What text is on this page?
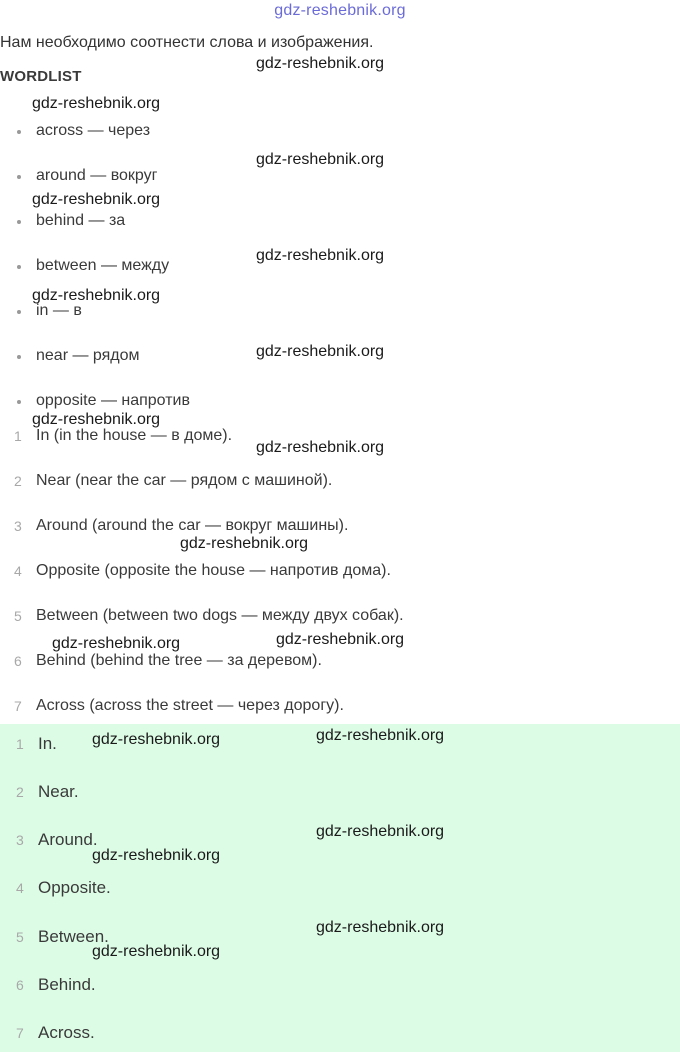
gdz-reshebnik.org
Нам необходимо соотнести слова и изображения.
WORDLIST
across — через
around — вокруг
behind — за
between — между
in — в
near — рядом
opposite — напротив
1 In (in the house — в доме).
2 Near (near the car — рядом с машиной).
3 Around (around the car — вокруг машины).
4 Opposite (opposite the house — напротив дома).
5 Between (between two dogs — между двух собак).
6 Behind (behind the tree — за деревом).
7 Across (across the street — через дорогу).
1 In.
2 Near.
3 Around.
4 Opposite.
5 Between.
6 Behind.
7 Across.
gdz-reshebnik.org
gdz-reshebnik.org
gdz-reshebnik.org
gdz-reshebnik.org
gdz-reshebnik.org
gdz-reshebnik.org
gdz-reshebnik.org
gdz-reshebnik.org
gdz-reshebnik.org
gdz-reshebnik.org
gdz-reshebnik.org	gdz-reshebnik.org
gdz-reshebnik.org	gdz-reshebnik.org
gdz-reshebnik.org
gdz-reshebnik.org
gdz-reshebnik.org
gdz-reshebnik.org
